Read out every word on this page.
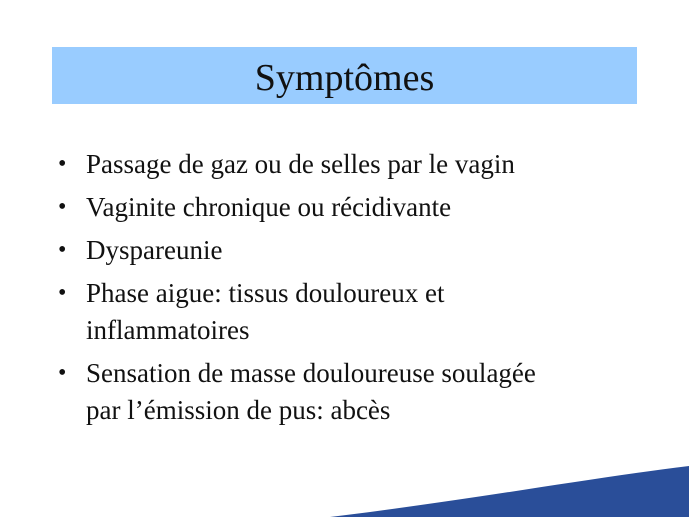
Symptômes
• Passage de gaz ou de selles par le vagin
• Vaginite chronique ou récidivante
• Dyspareunie
• Phase aigue: tissus douloureux et
inflammatoires
• Sensation de masse douloureuse soulagée
par l’émission de pus: abcès
